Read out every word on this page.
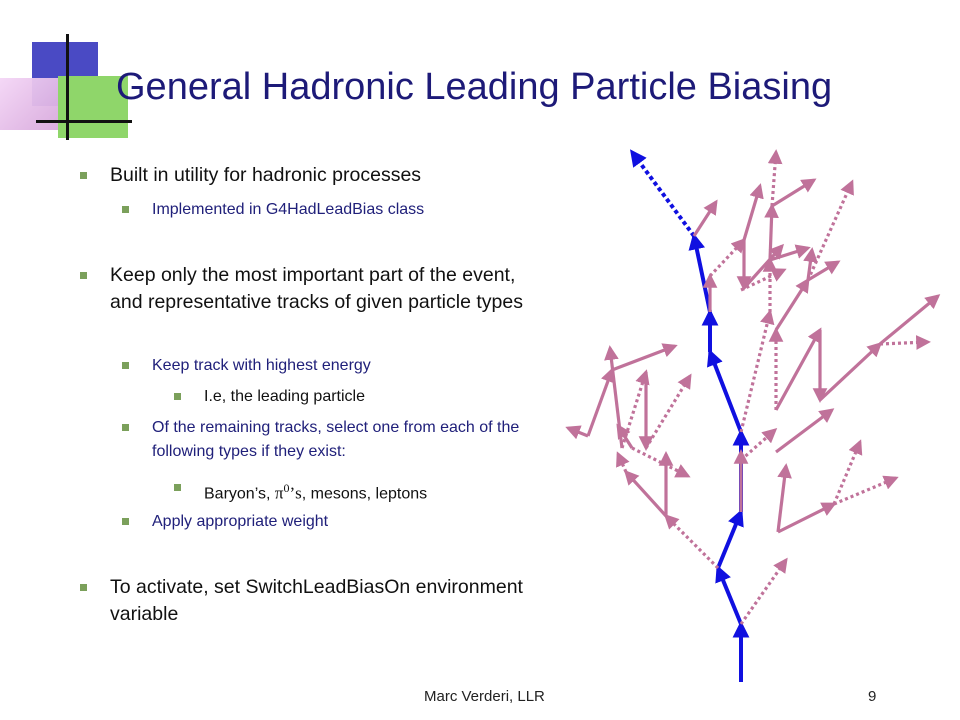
General Hadronic Leading Particle Biasing
Built in utility for hadronic processes
Implemented in G4HadLeadBias class
Keep only the most important part of the event, and representative tracks of given particle types
Keep track with highest energy
I.e, the leading particle
Of the remaining tracks, select one from each of the following types if they exist:
Baryon’s, $\pi^0’s$, mesons, leptons
Apply appropriate weight
To activate, set SwitchLeadBiasOn environment variable
Marc Verderi, LLR	9
